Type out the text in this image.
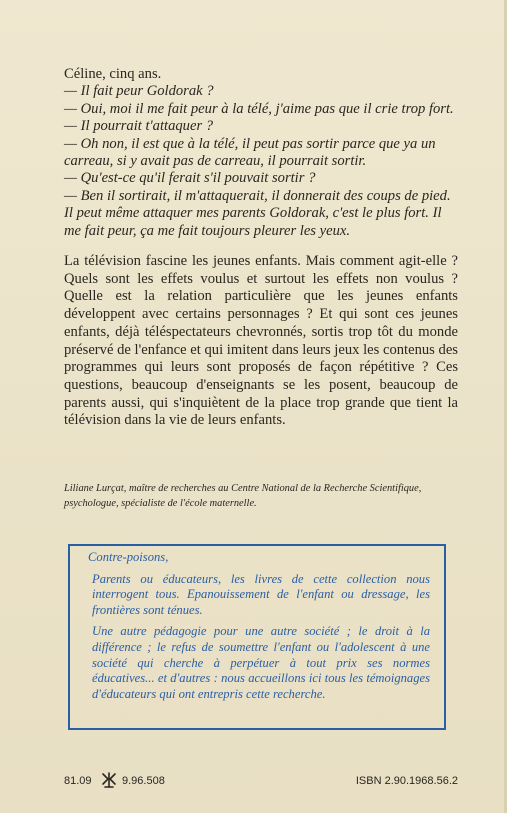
Céline, cinq ans.

— Il fait peur Goldorak ?

— Oui, moi il me fait peur à la télé, j'aime pas que il crie trop fort.

— Il pourrait t'attaquer ?

— Oh non, il est que à la télé, il peut pas sortir parce que ya un carreau, si y avait pas de carreau, il pourrait sortir.

— Qu'est-ce qu'il ferait s'il pouvait sortir ?

— Ben il sortirait, il m'attaquerait, il donnerait des coups de pied. Il peut même attaquer mes parents Goldorak, c'est le plus fort. Il me fait peur, ça me fait toujours pleurer les yeux.

La télévision fascine les jeunes enfants. Mais comment agit-elle ? Quels sont les effets voulus et surtout les effets non voulus ? Quelle est la relation particulière que les jeunes enfants développent avec certains personnages ? Et qui sont ces jeunes enfants, déjà téléspectateurs chevronnés, sortis trop tôt du monde préservé de l'enfance et qui imitent dans leurs jeux les contenus des programmes qui leurs sont proposés de façon répétitive ? Ces questions, beaucoup d'enseignants se les posent, beaucoup de parents aussi, qui s'inquiètent de la place trop grande que tient la télévision dans la vie de leurs enfants.

Liliane Lurçat, maître de recherches au Centre National de la Recherche Scientifique, psychologue, spécialiste de l'école maternelle.

Contre-poisons,

Parents ou éducateurs, les livres de cette collection nous interrogent tous. Epanouissement de l'enfant ou dressage, les frontières sont ténues.

Une autre pédagogie pour une autre société ; le droit à la différence ; le refus de soumettre l'enfant ou l'adolescent à une société qui cherche à perpétuer à tout prix ses normes éducatives... et d'autres : nous accueillons ici tous les témoignages d'éducateurs qui ont entrepris cette recherche.

81.09	9.96.508	ISBN 2.90.1968.56.2
